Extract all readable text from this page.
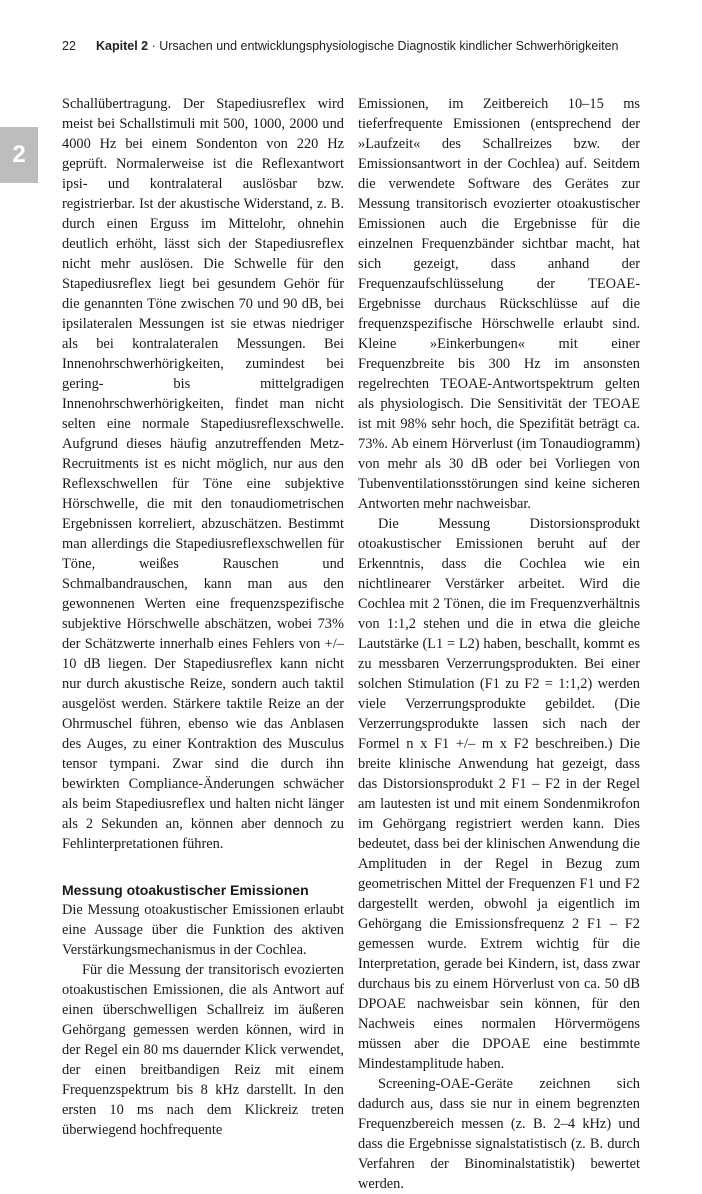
22 Kapitel 2 · Ursachen und entwicklungsphysiologische Diagnostik kindlicher Schwerhörigkeiten
2

Schallübertragung. Der Stapediusreflex wird meist bei Schallstimuli mit 500, 1000, 2000 und 4000 Hz bei einem Sondenton von 220 Hz geprüft. Normalerweise ist die Reflexantwort ipsi- und kontralateral auslösbar bzw. registrierbar. Ist der akustische Widerstand, z. B. durch einen Erguss im Mittelohr, ohnehin deutlich erhöht, lässt sich der Stapediusreflex nicht mehr auslösen. Die Schwelle für den Stapediusreflex liegt bei gesundem Gehör für die genannten Töne zwischen 70 und 90 dB, bei ipsilateralen Messungen ist sie etwas niedriger als bei kontralateralen Messungen. Bei Innenohrschwerhörigkeiten, zumindest bei gering- bis mittelgradigen Innenohrschwerhörigkeiten, findet man nicht selten eine normale Stapediusreflexschwelle. Aufgrund dieses häufig anzutreffenden Metz-Recruitments ist es nicht möglich, nur aus den Reflexschwellen für Töne eine subjektive Hörschwelle, die mit den tonaudiometrischen Ergebnissen korreliert, abzuschätzen. Bestimmt man allerdings die Stapediusreflexschwellen für Töne, weißes Rauschen und Schmalbandrauschen, kann man aus den gewonnenen Werten eine frequenzspezifische subjektive Hörschwelle abschätzen, wobei 73% der Schätzwerte innerhalb eines Fehlers von +/– 10 dB liegen. Der Stapediusreflex kann nicht nur durch akustische Reize, sondern auch taktil ausgelöst werden. Stärkere taktile Reize an der Ohrmuschel führen, ebenso wie das Anblasen des Auges, zu einer Kontraktion des Musculus tensor tympani. Zwar sind die durch ihn bewirkten Compliance-Änderungen schwächer als beim Stapediusreflex und halten nicht länger als 2 Sekunden an, können aber dennoch zu Fehlinterpretationen führen.

Messung otoakustischer Emissionen

Die Messung otoakustischer Emissionen erlaubt eine Aussage über die Funktion des aktiven Verstärkungsmechanismus in der Cochlea.

Für die Messung der transitorisch evozierten otoakustischen Emissionen, die als Antwort auf einen überschwelligen Schallreiz im äußeren Gehörgang gemessen werden können, wird in der Regel ein 80 ms dauernder Klick verwendet, der einen breitbandigen Reiz mit einem Frequenzspektrum bis 8 kHz darstellt. In den ersten 10 ms nach dem Klickreiz treten überwiegend hochfrequente

Emissionen, im Zeitbereich 10–15 ms tieferfrequente Emissionen (entsprechend der »Laufzeit« des Schallreizes bzw. der Emissionsantwort in der Cochlea) auf. Seitdem die verwendete Software des Gerätes zur Messung transitorisch evozierter otoakustischer Emissionen auch die Ergebnisse für die einzelnen Frequenzbänder sichtbar macht, hat sich gezeigt, dass anhand der Frequenzaufschlüsselung der TEOAE-Ergebnisse durchaus Rückschlüsse auf die frequenzspezifische Hörschwelle erlaubt sind. Kleine »Einkerbungen« mit einer Frequenzbreite bis 300 Hz im ansonsten regelrechten TEOAE-Antwortspektrum gelten als physiologisch. Die Sensitivität der TEOAE ist mit 98% sehr hoch, die Spezifität beträgt ca. 73%. Ab einem Hörverlust (im Tonaudiogramm) von mehr als 30 dB oder bei Vorliegen von Tubenventilationsstörungen sind keine sicheren Antworten mehr nachweisbar.

Die Messung Distorsionsprodukt otoakustischer Emissionen beruht auf der Erkenntnis, dass die Cochlea wie ein nichtlinearer Verstärker arbeitet. Wird die Cochlea mit 2 Tönen, die im Frequenzverhältnis von 1:1,2 stehen und die in etwa die gleiche Lautstärke (L1 = L2) haben, beschallt, kommt es zu messbaren Verzerrungsprodukten. Bei einer solchen Stimulation (F1 zu F2 = 1:1,2) werden viele Verzerrungsprodukte gebildet. (Die Verzerrungsprodukte lassen sich nach der Formel n x F1 +/– m x F2 beschreiben.) Die breite klinische Anwendung hat gezeigt, dass das Distorsionsprodukt 2 F1 – F2 in der Regel am lautesten ist und mit einem Sondenmikrofon im Gehörgang registriert werden kann. Dies bedeutet, dass bei der klinischen Anwendung die Amplituden in der Regel in Bezug zum geometrischen Mittel der Frequenzen F1 und F2 dargestellt werden, obwohl ja eigentlich im Gehörgang die Emissionsfrequenz 2 F1 – F2 gemessen wurde. Extrem wichtig für die Interpretation, gerade bei Kindern, ist, dass zwar durchaus bis zu einem Hörverlust von ca. 50 dB DPOAE nachweisbar sein können, für den Nachweis eines normalen Hörvermögens müssen aber die DPOAE eine bestimmte Mindestamplitude haben.

Screening-OAE-Geräte zeichnen sich dadurch aus, dass sie nur in einem begrenzten Frequenzbereich messen (z. B. 2–4 kHz) und dass die Ergebnisse signalstatistisch (z. B. durch Verfahren der Binominalstatistik) bewertet werden.
